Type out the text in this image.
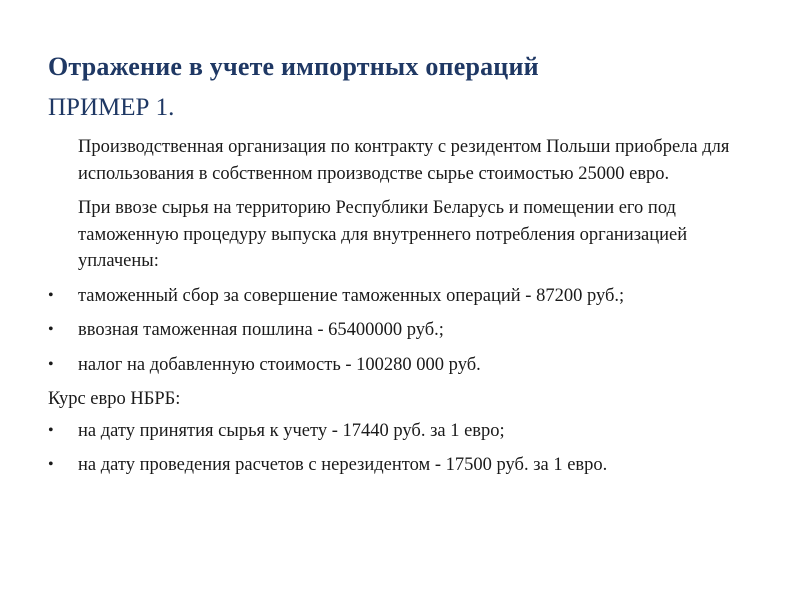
Отражение в учете импортных операций
ПРИМЕР 1.

Производственная организация по контракту с резидентом Польши приобрела для использования в собственном производстве сырье стоимостью 25000 евро.

При ввозе сырья на территорию Республики Беларусь и помещении его под таможенную процедуру выпуска для внутреннего потребления организацией уплачены:

• таможенный сбор за совершение таможенных операций - 87200 руб.;
• ввозная таможенная пошлина - 65400000 руб.;
• налог на добавленную стоимость - 100280 000 руб.

Курс евро НБРБ:

• на дату принятия сырья к учету - 17440 руб. за 1 евро;
• на дату проведения расчетов с нерезидентом - 17500 руб. за 1 евро.
